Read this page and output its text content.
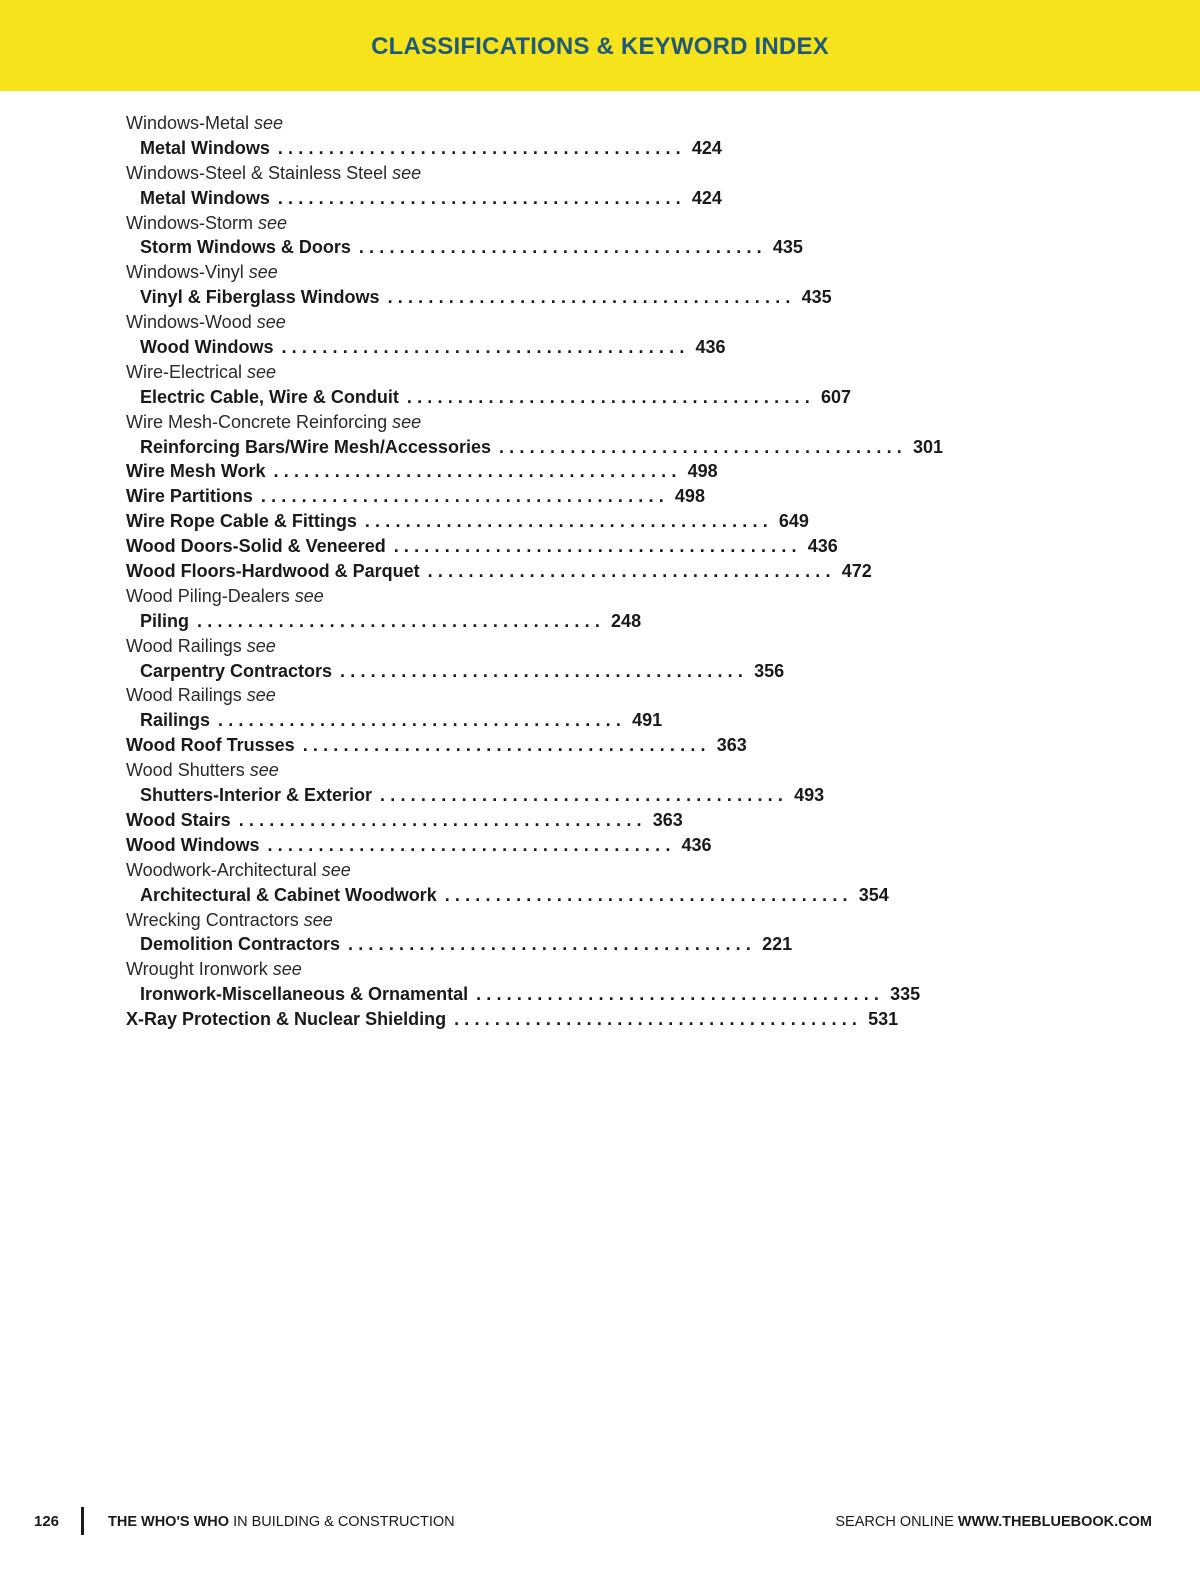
CLASSIFICATIONS & KEYWORD INDEX
Windows-Metal see
Metal Windows ........................................ 424
Windows-Steel & Stainless Steel see
Metal Windows ........................................ 424
Windows-Storm see
Storm Windows & Doors ........................................ 435
Windows-Vinyl see
Vinyl & Fiberglass Windows ........................................ 435
Windows-Wood see
Wood Windows ........................................ 436
Wire-Electrical see
Electric Cable, Wire & Conduit ........................................ 607
Wire Mesh-Concrete Reinforcing see
Reinforcing Bars/Wire Mesh/Accessories ........................................ 301
Wire Mesh Work ........................................ 498
Wire Partitions ........................................ 498
Wire Rope Cable & Fittings ........................................ 649
Wood Doors-Solid & Veneered ........................................ 436
Wood Floors-Hardwood & Parquet ........................................ 472
Wood Piling-Dealers see
Piling ........................................ 248
Wood Railings see
Carpentry Contractors ........................................ 356
Wood Railings see
Railings ........................................ 491
Wood Roof Trusses ........................................ 363
Wood Shutters see
Shutters-Interior & Exterior ........................................ 493
Wood Stairs ........................................ 363
Wood Windows ........................................ 436
Woodwork-Architectural see
Architectural & Cabinet Woodwork ........................................ 354
Wrecking Contractors see
Demolition Contractors ........................................ 221
Wrought Ironwork see
Ironwork-Miscellaneous & Ornamental ........................................ 335
X-Ray Protection & Nuclear Shielding ........................................ 531
126	THE WHO'S WHO IN BUILDING & CONSTRUCTION	SEARCH ONLINE WWW.THEBLUEBOOK.COM
